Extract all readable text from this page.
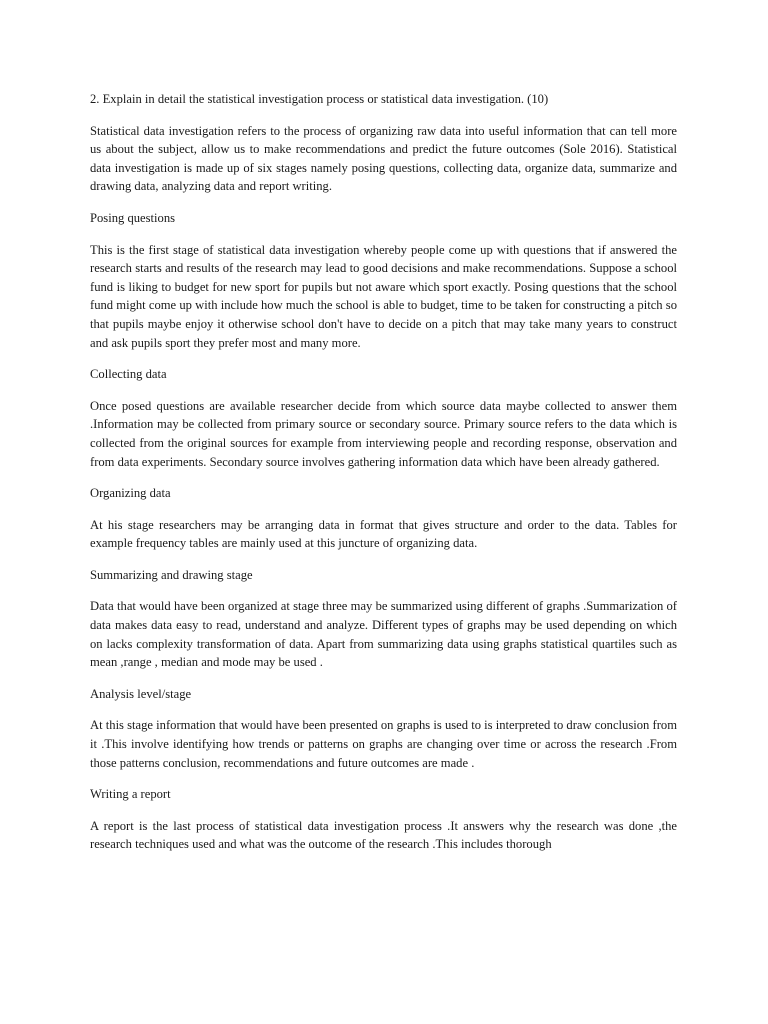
2. Explain in detail the statistical investigation process or statistical data investigation. (10)

Statistical data investigation refers to the process of organizing raw data into useful information that can tell more us about the subject, allow us to make recommendations and predict the future outcomes (Sole 2016). Statistical data investigation is made up of six stages namely posing questions, collecting data, organize data, summarize and drawing data, analyzing data and report writing.

Posing questions

This is the first stage of statistical data investigation whereby people come up with questions that if answered the research starts and results of the research may lead to good decisions and make recommendations. Suppose a school fund is liking to budget for new sport for pupils but not aware which sport exactly. Posing questions that the school fund might come up with include how much the school is able to budget, time to be taken for constructing a pitch so that pupils maybe enjoy it otherwise school don't have to decide on a pitch that may take many years to construct and ask pupils sport they prefer most and many more.

Collecting data

Once posed questions are available researcher decide from which source data maybe collected to answer them .Information may be collected from primary source or secondary source. Primary source refers to the data which is collected from the original sources for example from interviewing people and recording response, observation and from data experiments. Secondary source involves gathering information data which have been already gathered.

Organizing data

At his stage researchers may be arranging data in format that gives structure and order to the data. Tables for example frequency tables are mainly used at this juncture of organizing data.

Summarizing and drawing stage

Data that would have been organized at stage three may be summarized using different of graphs .Summarization of data makes data easy to read, understand and analyze. Different types of graphs may be used depending on which on lacks complexity transformation of data. Apart from summarizing data using graphs statistical quartiles such as mean ,range , median and mode may be used .

Analysis level/stage

At this stage information that would have been presented on graphs is used to is interpreted to draw conclusion from it .This involve identifying how trends or patterns on graphs are changing over time or across the research .From those patterns conclusion, recommendations and future outcomes are made .

Writing a report

A report is the last process of statistical data investigation process .It answers why the research was done ,the research techniques used and what was the outcome of the research .This includes thorough
